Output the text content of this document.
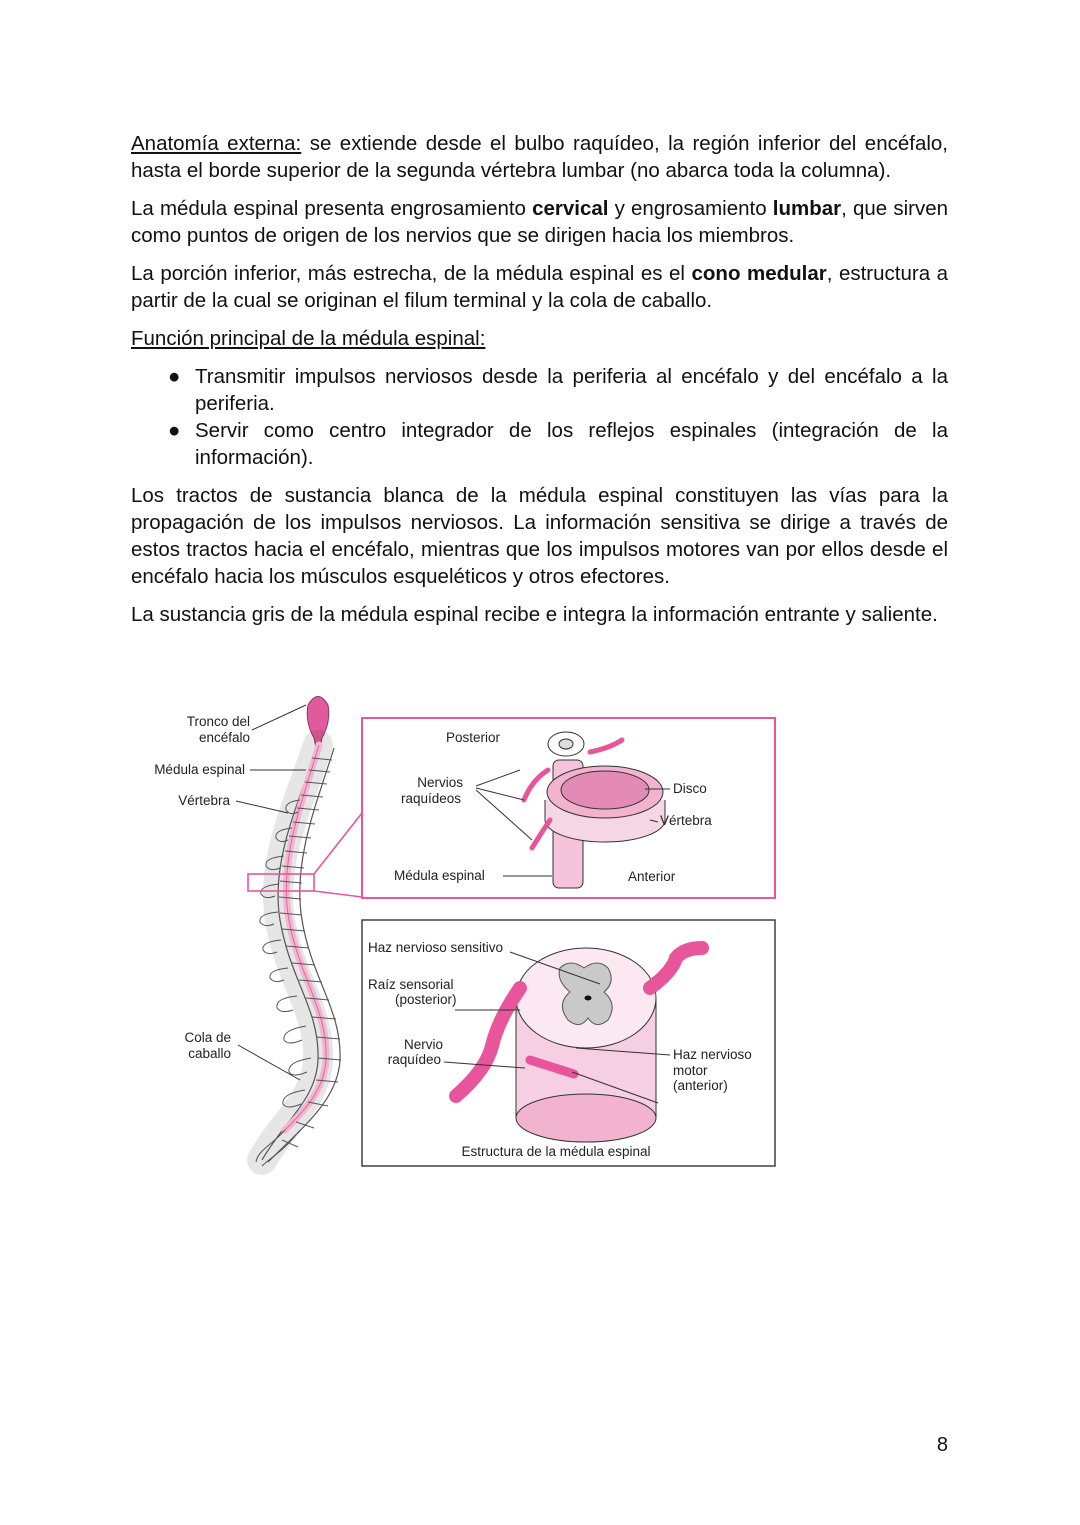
Anatomía externa: se extiende desde el bulbo raquídeo, la región inferior del encéfalo, hasta el borde superior de la segunda vértebra lumbar (no abarca toda la columna).

La médula espinal presenta engrosamiento cervical y engrosamiento lumbar, que sirven como puntos de origen de los nervios que se dirigen hacia los miembros.

La porción inferior, más estrecha, de la médula espinal es el cono medular, estructura a partir de la cual se originan el filum terminal y la cola de caballo.

Función principal de la médula espinal:

● Transmitir impulsos nerviosos desde la periferia al encéfalo y del encéfalo a la periferia.
● Servir como centro integrador de los reflejos espinales (integración de la información).

Los tractos de sustancia blanca de la médula espinal constituyen las vías para la propagación de los impulsos nerviosos. La información sensitiva se dirige a través de estos tractos hacia el encéfalo, mientras que los impulsos motores van por ellos desde el encéfalo hacia los músculos esqueléticos y otros efectores.

La sustancia gris de la médula espinal recibe e integra la información entrante y saliente.

Tronco del
encéfalo
Médula espinal
Vértebra
Cola de
caballo
Posterior
Nervios
raquídeos
Disco
Vértebra
Médula espinal	Anterior
Haz nervioso sensitivo
Raíz sensorial
(posterior)
Nervio
raquídeo	Haz nervioso
motor
(anterior)
Estructura de la médula espinal
8
